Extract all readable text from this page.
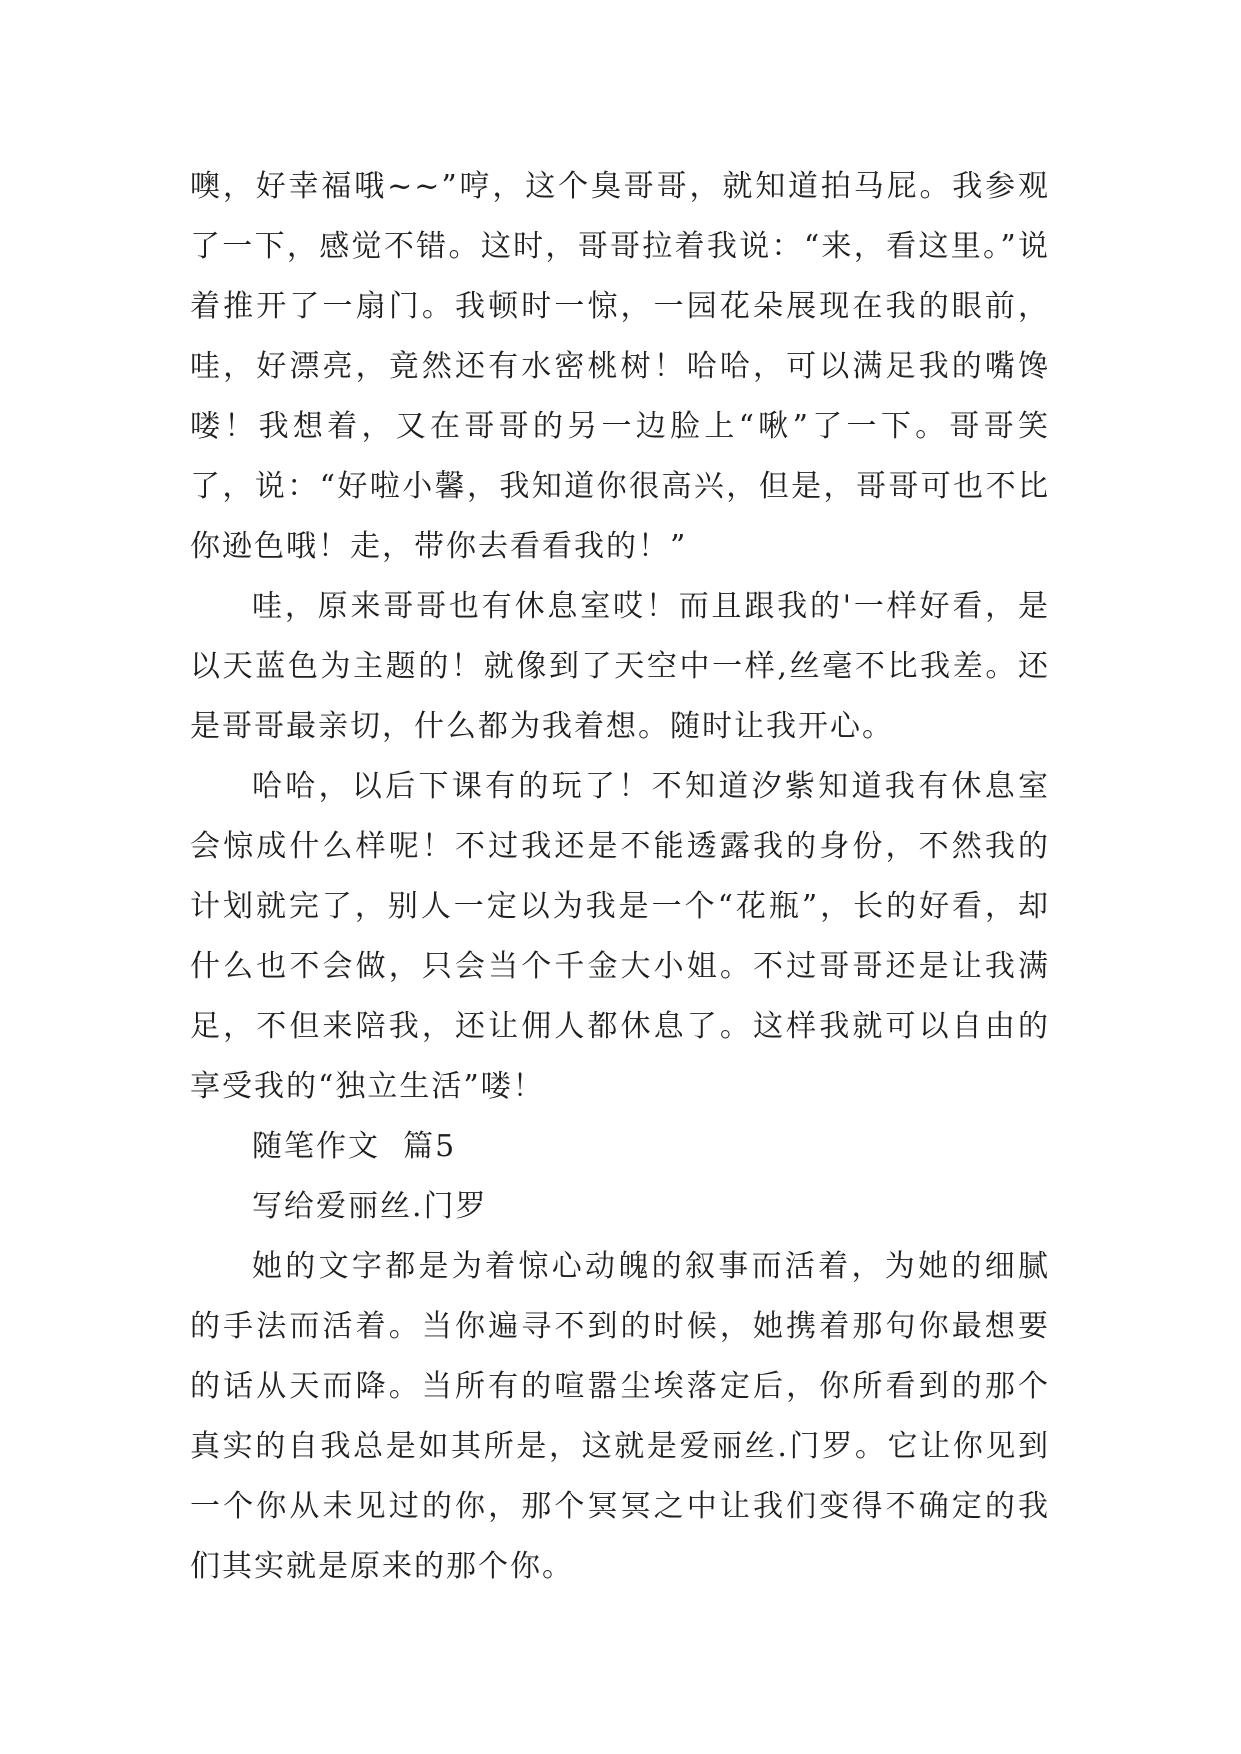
噢，好幸福哦~~”哼，这个臭哥哥，就知道拍马屁。我参观了一下，感觉不错。这时，哥哥拉着我说：“来，看这里。”说着推开了一扇门。我顿时一惊，一园花朵展现在我的眼前，哇，好漂亮，竟然还有水密桃树！哈哈，可以满足我的嘴馋喽！我想着，又在哥哥的另一边脸上“啾”了一下。哥哥笑了，说：“好啦小馨，我知道你很高兴，但是，哥哥可也不比你逊色哦！走，带你去看看我的！”

哇，原来哥哥也有休息室哎！而且跟我的'一样好看，是以天蓝色为主题的！就像到了天空中一样,丝毫不比我差。还是哥哥最亲切，什么都为我着想。随时让我开心。

哈哈，以后下课有的玩了！不知道汐紫知道我有休息室会惊成什么样呢！不过我还是不能透露我的身份，不然我的计划就完了，别人一定以为我是一个“花瓶”，长的好看，却什么也不会做，只会当个千金大小姐。不过哥哥还是让我满足，不但来陪我，还让佣人都休息了。这样我就可以自由的享受我的“独立生活”喽！

随笔作文  篇5

写给爱丽丝.门罗

她的文字都是为着惊心动魄的叙事而活着，为她的细腻的手法而活着。当你遍寻不到的时候，她携着那句你最想要的话从天而降。当所有的喧嚣尘埃落定后，你所看到的那个真实的自我总是如其所是，这就是爱丽丝.门罗。它让你见到一个你从未见过的你，那个冥冥之中让我们变得不确定的我们其实就是原来的那个你。
